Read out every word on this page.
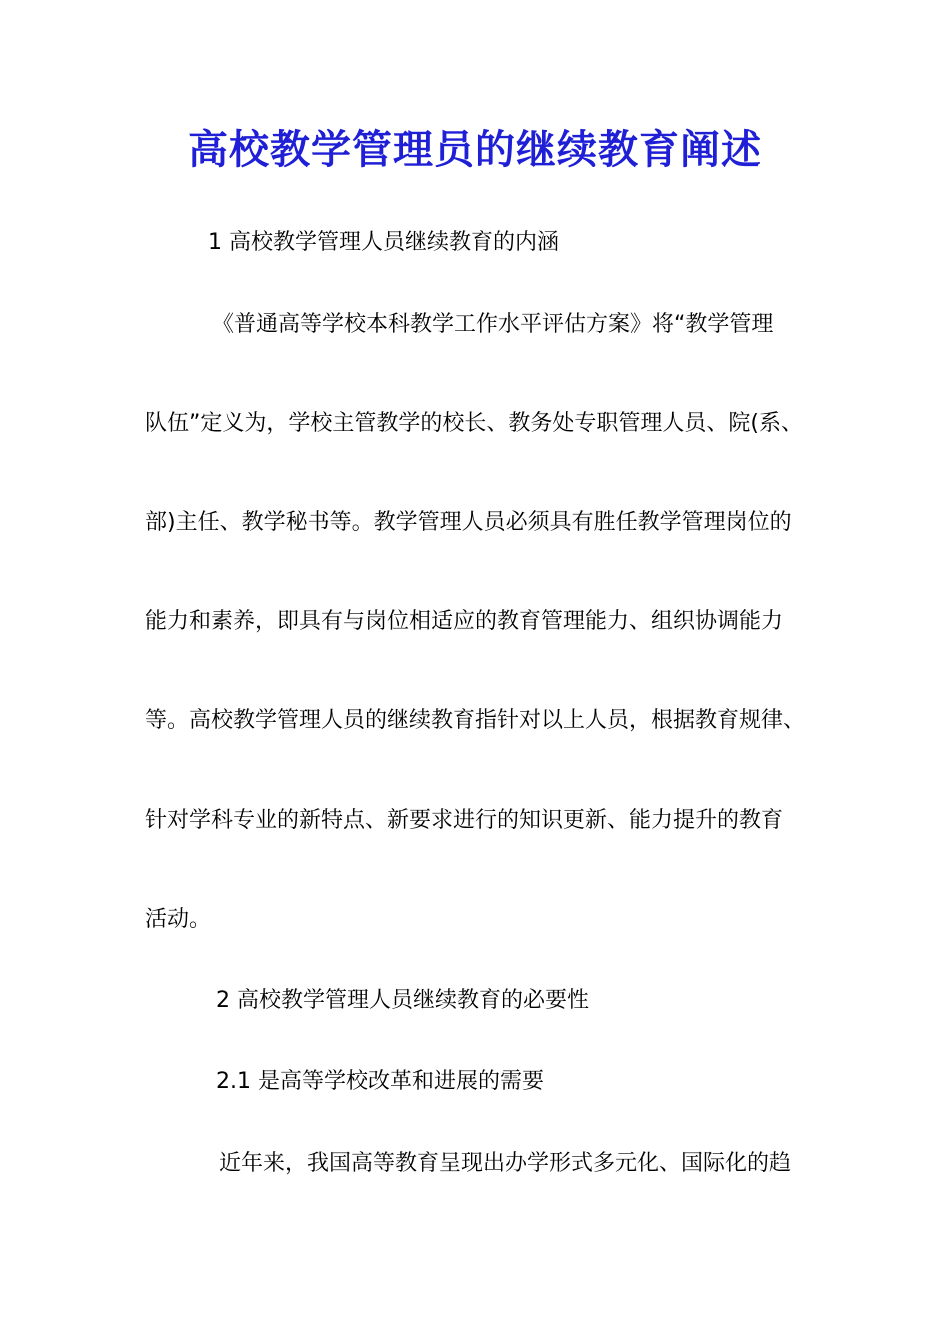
高校教学管理员的继续教育阐述
1 高校教学管理人员继续教育的内涵
《普通高等学校本科教学工作水平评估方案》将“教学管理
队伍”定义为，学校主管教学的校长、教务处专职管理人员、院(系、
部)主任、教学秘书等。教学管理人员必须具有胜任教学管理岗位的
能力和素养，即具有与岗位相适应的教育管理能力、组织协调能力
等。高校教学管理人员的继续教育指针对以上人员，根据教育规律、
针对学科专业的新特点、新要求进行的知识更新、能力提升的教育
活动。
2 高校教学管理人员继续教育的必要性
2.1 是高等学校改革和进展的需要
近年来，我国高等教育呈现出办学形式多元化、国际化的趋
